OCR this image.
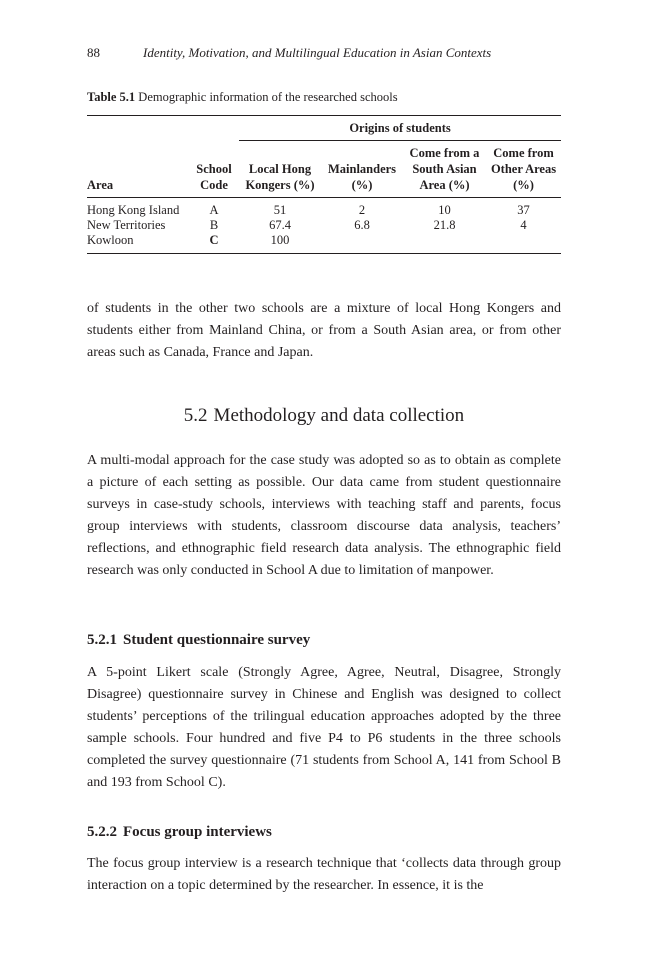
88	Identity, Motivation, and Multilingual Education in Asian Contexts
Table 5.1 Demographic information of the researched schools
		Origins of students			
Area	School Code	Local Hong Kongers (%)	Mainlanders (%)	Come from a South Asian Area (%)	Come from Other Areas (%)
Hong Kong Island	A	51	2	10	37
New Territories	B	67.4	6.8	21.8	4
Kowloon	C	100			

of students in the other two schools are a mixture of local Hong Kongers and students either from Mainland China, or from a South Asian area, or from other areas such as Canada, France and Japan.

5.2 Methodology and data collection

A multi-modal approach for the case study was adopted so as to obtain as complete a picture of each setting as possible. Our data came from student questionnaire surveys in case-study schools, interviews with teaching staff and parents, focus group interviews with students, classroom discourse data analysis, teachers’ reflections, and ethnographic field research data analysis. The ethnographic field research was only conducted in School A due to limitation of manpower.

5.2.1 Student questionnaire survey

A 5-point Likert scale (Strongly Agree, Agree, Neutral, Disagree, Strongly Disagree) questionnaire survey in Chinese and English was designed to collect students’ perceptions of the trilingual education approaches adopted by the three sample schools. Four hundred and five P4 to P6 students in the three schools completed the survey questionnaire (71 students from School A, 141 from School B and 193 from School C).

5.2.2 Focus group interviews

The focus group interview is a research technique that ‘collects data through group interaction on a topic determined by the researcher. In essence, it is the
